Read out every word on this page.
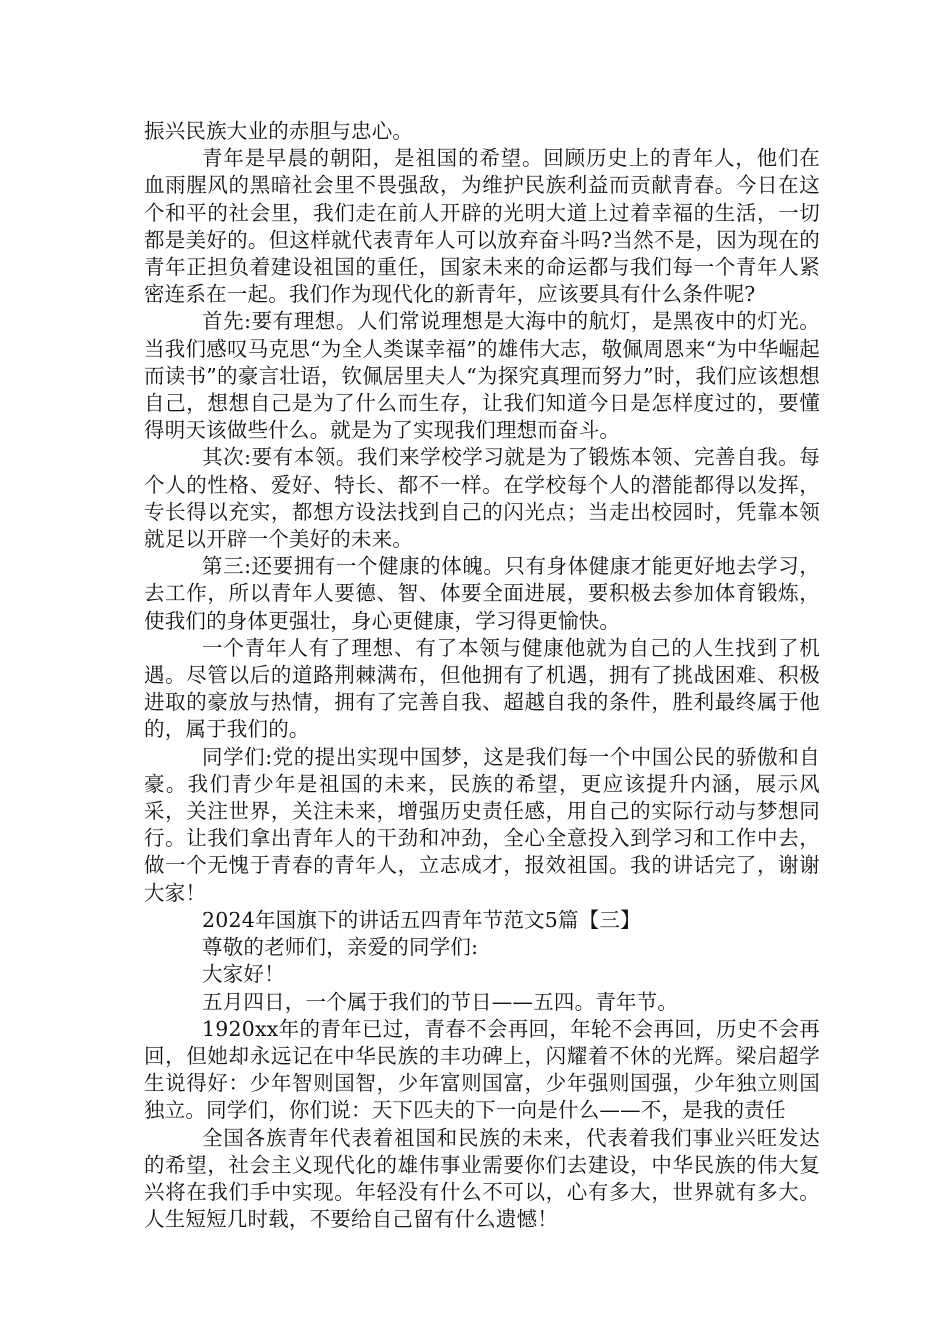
振兴民族大业的赤胆与忠心。

青年是早晨的朝阳，是祖国的希望。回顾历史上的青年人，他们在血雨腥风的黑暗社会里不畏强敌，为维护民族利益而贡献青春。今日在这个和平的社会里，我们走在前人开辟的光明大道上过着幸福的生活，一切都是美好的。但这样就代表青年人可以放弃奋斗吗?当然不是，因为现在的青年正担负着建设祖国的重任，国家未来的命运都与我们每一个青年人紧密连系在一起。我们作为现代化的新青年，应该要具有什么条件呢?

首先:要有理想。人们常说理想是大海中的航灯，是黑夜中的灯光。当我们感叹马克思“为全人类谋幸福”的雄伟大志，敬佩周恩来“为中华崛起而读书”的豪言壮语，钦佩居里夫人“为探究真理而努力”时，我们应该想想自己，想想自己是为了什么而生存，让我们知道今日是怎样度过的，要懂得明天该做些什么。就是为了实现我们理想而奋斗。

其次:要有本领。我们来学校学习就是为了锻炼本领、完善自我。每个人的性格、爱好、特长、都不一样。在学校每个人的潜能都得以发挥，专长得以充实，都想方设法找到自己的闪光点；当走出校园时，凭靠本领就足以开辟一个美好的未来。

第三:还要拥有一个健康的体魄。只有身体健康才能更好地去学习，去工作，所以青年人要德、智、体要全面进展，要积极去参加体育锻炼，使我们的身体更强壮，身心更健康，学习得更愉快。

一个青年人有了理想、有了本领与健康他就为自己的人生找到了机遇。尽管以后的道路荆棘满布，但他拥有了机遇，拥有了挑战困难、积极进取的豪放与热情，拥有了完善自我、超越自我的条件，胜利最终属于他的，属于我们的。

同学们:党的提出实现中国梦，这是我们每一个中国公民的骄傲和自豪。我们青少年是祖国的未来，民族的希望，更应该提升内涵，展示风采，关注世界，关注未来，增强历史责任感，用自己的实际行动与梦想同行。让我们拿出青年人的干劲和冲劲，全心全意投入到学习和工作中去，做一个无愧于青春的青年人，立志成才，报效祖国。我的讲话完了，谢谢大家！

2024年国旗下的讲话五四青年节范文5篇【三】

尊敬的老师们，亲爱的同学们:

大家好！

五月四日，一个属于我们的节日——五四。青年节。

1920xx年的青年已过，青春不会再回，年轮不会再回，历史不会再回，但她却永远记在中华民族的丰功碑上，闪耀着不休的光辉。梁启超学生说得好：少年智则国智，少年富则国富，少年强则国强，少年独立则国独立。同学们，你们说：天下匹夫的下一向是什么——不，是我的责任

全国各族青年代表着祖国和民族的未来，代表着我们事业兴旺发达的希望，社会主义现代化的雄伟事业需要你们去建设，中华民族的伟大复兴将在我们手中实现。年轻没有什么不可以，心有多大，世界就有多大。人生短短几时载，不要给自己留有什么遗憾！
